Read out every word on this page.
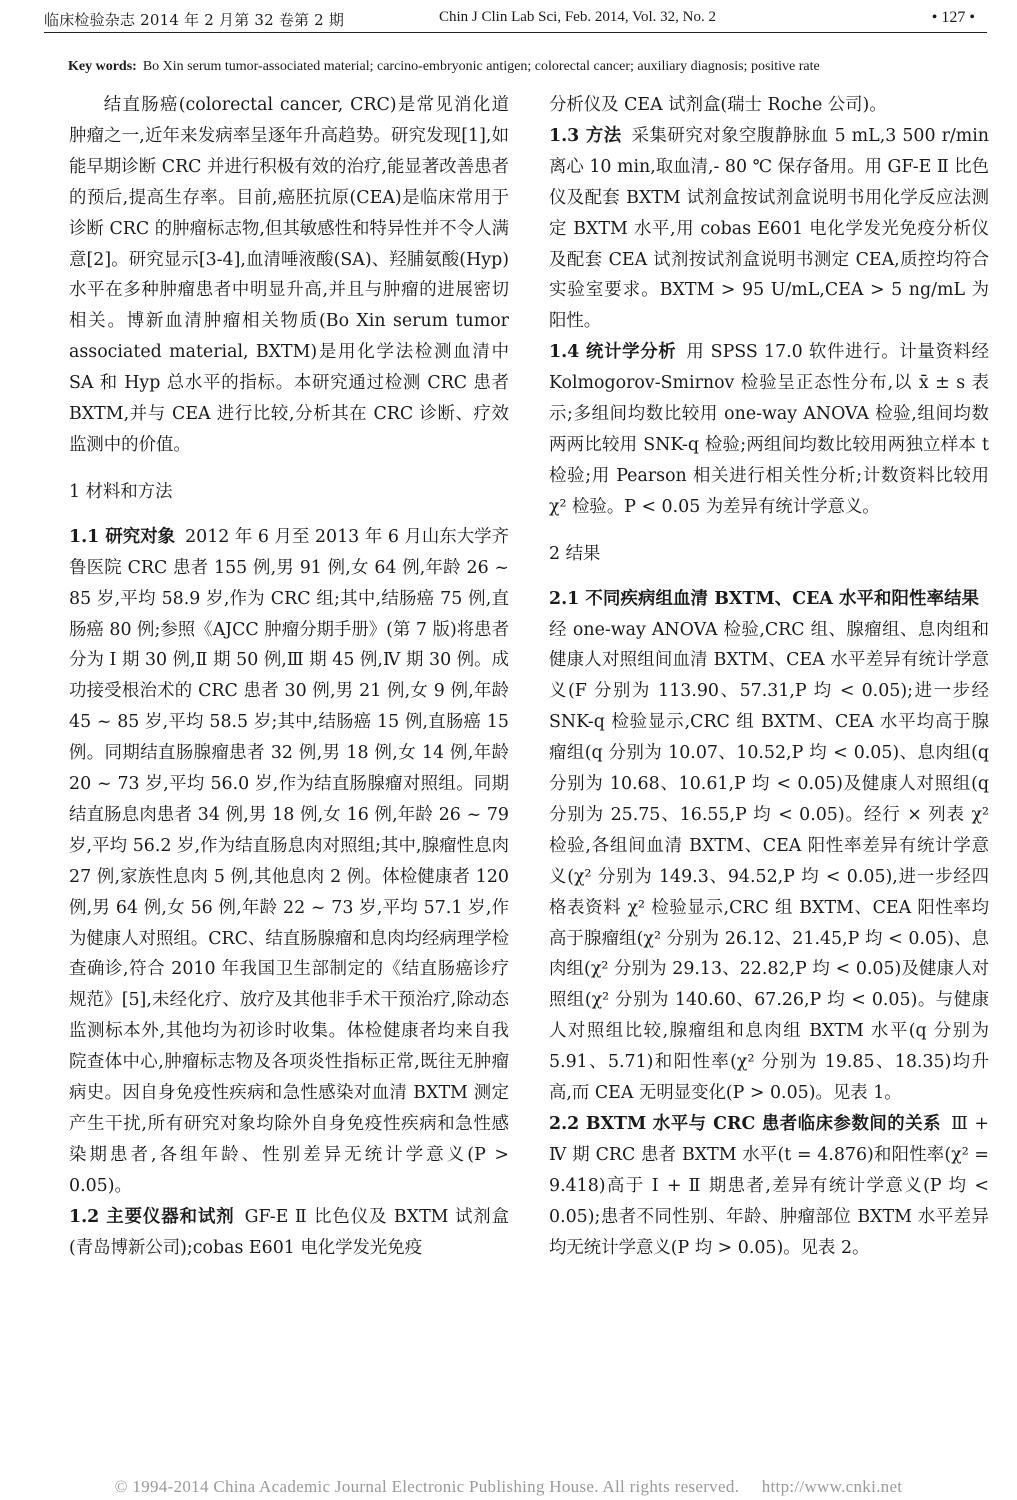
临床检验杂志 2014 年 2 月第 32 卷第 2 期	Chin J Clin Lab Sci, Feb. 2014, Vol. 32, No. 2	• 127 •
Key words: Bo Xin serum tumor-associated material; carcino-embryonic antigen; colorectal cancer; auxiliary diagnosis; positive rate

结直肠癌(colorectal cancer, CRC)是常见消化道肿瘤之一,近年来发病率呈逐年升高趋势。研究发现[1],如能早期诊断 CRC 并进行积极有效的治疗,能显著改善患者的预后,提高生存率。目前,癌胚抗原(CEA)是临床常用于诊断 CRC 的肿瘤标志物,但其敏感性和特异性并不令人满意[2]。研究显示[3-4],血清唾液酸(SA)、羟脯氨酸(Hyp)水平在多种肿瘤患者中明显升高,并且与肿瘤的进展密切相关。博新血清肿瘤相关物质(Bo Xin serum tumor associated material, BXTM)是用化学法检测血清中 SA 和 Hyp 总水平的指标。本研究通过检测 CRC 患者 BXTM,并与 CEA 进行比较,分析其在 CRC 诊断、疗效监测中的价值。

1 材料和方法

1.1 研究对象 2012 年 6 月至 2013 年 6 月山东大学齐鲁医院 CRC 患者 155 例,男 91 例,女 64 例,年龄 26 ~ 85 岁,平均 58.9 岁,作为 CRC 组;其中,结肠癌 75 例,直肠癌 80 例;参照《AJCC 肿瘤分期手册》(第 7 版)将患者分为 Ⅰ 期 30 例,Ⅱ 期 50 例,Ⅲ 期 45 例,Ⅳ 期 30 例。成功接受根治术的 CRC 患者 30 例,男 21 例,女 9 例,年龄 45 ~ 85 岁,平均 58.5 岁;其中,结肠癌 15 例,直肠癌 15 例。同期结直肠腺瘤患者 32 例,男 18 例,女 14 例,年龄 20 ~ 73 岁,平均 56.0 岁,作为结直肠腺瘤对照组。同期结直肠息肉患者 34 例,男 18 例,女 16 例,年龄 26 ~ 79 岁,平均 56.2 岁,作为结直肠息肉对照组;其中,腺瘤性息肉 27 例,家族性息肉 5 例,其他息肉 2 例。体检健康者 120 例,男 64 例,女 56 例,年龄 22 ~ 73 岁,平均 57.1 岁,作为健康人对照组。CRC、结直肠腺瘤和息肉均经病理学检查确诊,符合 2010 年我国卫生部制定的《结直肠癌诊疗规范》[5],未经化疗、放疗及其他非手术干预治疗,除动态监测标本外,其他均为初诊时收集。体检健康者均来自我院查体中心,肿瘤标志物及各项炎性指标正常,既往无肿瘤病史。因自身免疫性疾病和急性感染对血清 BXTM 测定产生干扰,所有研究对象均除外自身免疫性疾病和急性感染期患者,各组年龄、性别差异无统计学意义(P > 0.05)。

1.2 主要仪器和试剂 GF-E Ⅱ 比色仪及 BXTM 试剂盒(青岛博新公司);cobas E601 电化学发光免疫

分析仪及 CEA 试剂盒(瑞士 Roche 公司)。

1.3 方法 采集研究对象空腹静脉血 5 mL,3 500 r/min 离心 10 min,取血清,- 80 ℃ 保存备用。用 GF-E Ⅱ 比色仪及配套 BXTM 试剂盒按试剂盒说明书用化学反应法测定 BXTM 水平,用 cobas E601 电化学发光免疫分析仪及配套 CEA 试剂按试剂盒说明书测定 CEA,质控均符合实验室要求。BXTM > 95 U/mL,CEA > 5 ng/mL 为阳性。

1.4 统计学分析 用 SPSS 17.0 软件进行。计量资料经 Kolmogorov-Smirnov 检验呈正态性分布,以 x̄ ± s 表示;多组间均数比较用 one-way ANOVA 检验,组间均数两两比较用 SNK-q 检验;两组间均数比较用两独立样本 t 检验;用 Pearson 相关进行相关性分析;计数资料比较用 χ² 检验。P < 0.05 为差异有统计学意义。

2 结果

2.1 不同疾病组血清 BXTM、CEA 水平和阳性率结果经 one-way ANOVA 检验,CRC 组、腺瘤组、息肉组和健康人对照组间血清 BXTM、CEA 水平差异有统计学意义(F 分别为 113.90、57.31,P 均 < 0.05);进一步经 SNK-q 检验显示,CRC 组 BXTM、CEA 水平均高于腺瘤组(q 分别为 10.07、10.52,P 均 < 0.05)、息肉组(q 分别为 10.68、10.61,P 均 < 0.05)及健康人对照组(q 分别为 25.75、16.55,P 均 < 0.05)。经行 × 列表 χ² 检验,各组间血清 BXTM、CEA 阳性率差异有统计学意义(χ² 分别为 149.3、94.52,P 均 < 0.05),进一步经四格表资料 χ² 检验显示,CRC 组 BXTM、CEA 阳性率均高于腺瘤组(χ² 分别为 26.12、21.45,P 均 < 0.05)、息肉组(χ² 分别为 29.13、22.82,P 均 < 0.05)及健康人对照组(χ² 分别为 140.60、67.26,P 均 < 0.05)。与健康人对照组比较,腺瘤组和息肉组 BXTM 水平(q 分别为 5.91、5.71)和阳性率(χ² 分别为 19.85、18.35)均升高,而 CEA 无明显变化(P > 0.05)。见表 1。

2.2 BXTM 水平与 CRC 患者临床参数间的关系 Ⅲ + Ⅳ 期 CRC 患者 BXTM 水平(t = 4.876)和阳性率(χ² = 9.418)高于 Ⅰ + Ⅱ 期患者,差异有统计学意义(P 均 < 0.05);患者不同性别、年龄、肿瘤部位 BXTM 水平差异均无统计学意义(P 均 > 0.05)。见表 2。

© 1994-2014 China Academic Journal Electronic Publishing House. All rights reserved. http://www.cnki.net
